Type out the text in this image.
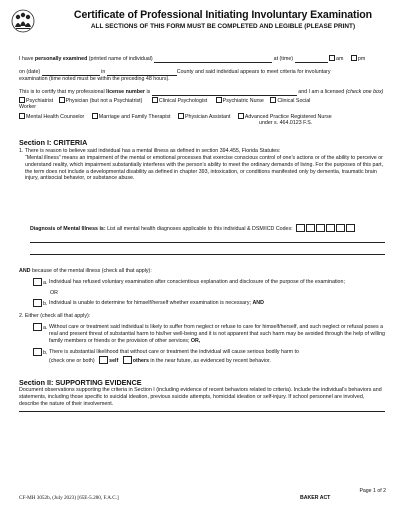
Certificate of Professional Initiating Involuntary Examination
ALL SECTIONS OF THIS FORM MUST BE COMPLETED AND LEGIBLE (PLEASE PRINT)
I have personally examined (printed name of individual)	at (time)	am	pm
on (date)	in	County and said individual appears to meet criteria for involuntary
examination (time noted must be within the preceding 48 hours).
This is to certify that my professional license number is	and I am a licensed (check one box)
Psychiatrist Physician (but not a Psychiatrist)	Clinical Psychologist	Psychiatric Nurse	Clinical Social
Worker
Mental Health Counselor	Marriage and Family Therapist	Physician Assistant	Advanced Practice Registered Nurse
under s. 464.0123 F.S.
Section I: CRITERIA
1. There is reason to believe said individual has a mental illness as defined in section 394.455, Florida Statutes:
“Mental illness” means an impairment of the mental or emotional processes that exercise conscious control of one’s actions or of the ability to perceive or understand reality, which impairment substantially interferes with the person’s ability to meet the ordinary demands of living. For the purposes of this part, the term does not include a developmental disability as defined in chapter 393, intoxication, or conditions manifested only by dementia, traumatic brain injury, antisocial behavior, or substance abuse.
Diagnosis of Mental Illness is: List all mental health diagnoses applicable to this individual & DSM/ICD Codes:
AND because of the mental illness (check all that apply):
a. Individual has refused voluntary examination after conscientious explanation and disclosure of the purpose of the examination;
OR
b. Individual is unable to determine for himself/herself whether examination is necessary; AND
2. Either (check all that apply):
a. Without care or treatment said individual is likely to suffer from neglect or refuse to care for himself/herself, and such neglect or refusal poses a real and present threat of substantial harm to his/her well-being and it is not apparent that such harm may be avoided through the help of willing family members or friends or the provision of other services; OR,
b. There is substantial likelihood that without care or treatment the individual will cause serious bodily harm to
(check one or both)	self	others in the near future, as evidenced by recent behavior.
Section II: SUPPORTING EVIDENCE
Document observations supporting the criteria in Section I (including evidence of recent behaviors related to criteria). Include the individual’s behaviors and statements, including those specific to suicidal ideation, previous suicide attempts, homicidal ideation or self-injury. If school personnel are involved, describe the nature of their involvement.
Page 1 of 2
CF-MH 3052b, (July 2023) [65E-5.280, F.A.C.]	BAKER ACT
